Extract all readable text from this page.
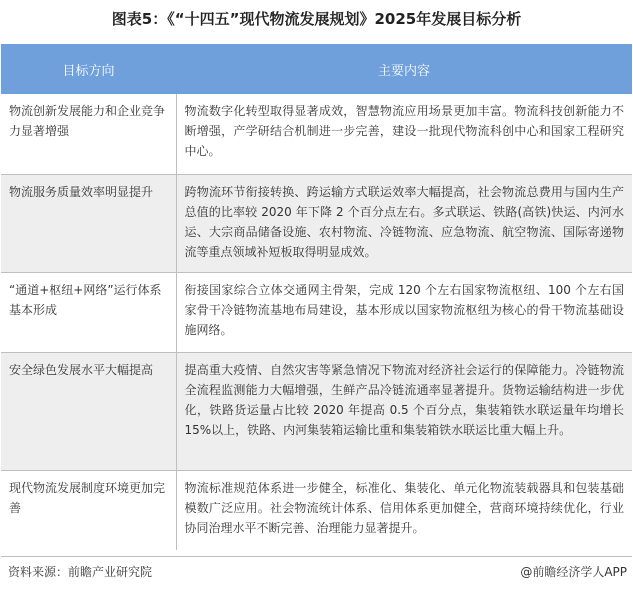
图表5：《“十四五”现代物流发展规划》2025年发展目标分析
目标方向	主要内容
物流创新发展能力和企业竞争力显著增强	物流数字化转型取得显著成效，智慧物流应用场景更加丰富。物流科技创新能力不断增强，产学研结合机制进一步完善，建设一批现代物流科创中心和国家工程研究中心。
物流服务质量效率明显提升	跨物流环节衔接转换、跨运输方式联运效率大幅提高，社会物流总费用与国内生产总值的比率较 2020 年下降 2 个百分点左右。多式联运、铁路(高铁)快运、内河水运、大宗商品储备设施、农村物流、冷链物流、应急物流、航空物流、国际寄递物流等重点领域补短板取得明显成效。
“通道+枢纽+网络”运行体系基本形成	衔接国家综合立体交通网主骨架，完成 120 个左右国家物流枢纽、100 个左右国家骨干冷链物流基地布局建设，基本形成以国家物流枢纽为核心的骨干物流基础设施网络。
安全绿色发展水平大幅提高	提高重大疫情、自然灾害等紧急情况下物流对经济社会运行的保障能力。冷链物流全流程监测能力大幅增强，生鲜产品冷链流通率显著提升。货物运输结构进一步优化，铁路货运量占比较 2020 年提高 0.5 个百分点，集装箱铁水联运量年均增长 15%以上，铁路、内河集装箱运输比重和集装箱铁水联运比重大幅上升。
现代物流发展制度环境更加完善	物流标准规范体系进一步健全，标准化、集装化、单元化物流装载器具和包装基础模数广泛应用。社会物流统计体系、信用体系更加健全，营商环境持续优化，行业协同治理水平不断完善、治理能力显著提升。
资料来源：前瞻产业研究院	@前瞻经济学人APP
